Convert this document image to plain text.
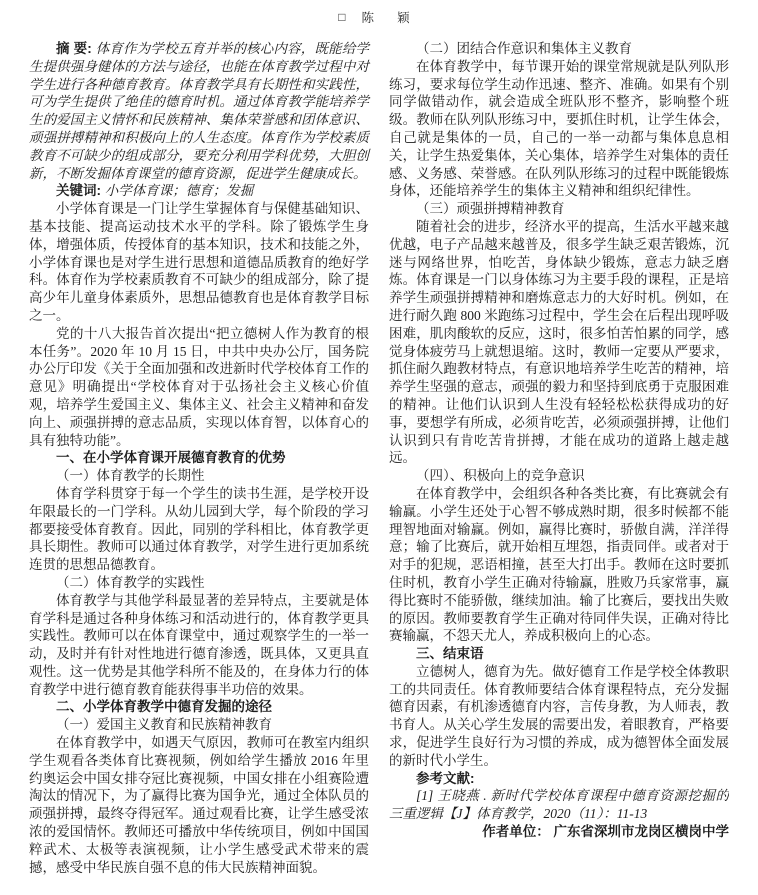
□ 陈 颖

摘 要: 体育作为学校五育并举的核心内容，既能给学生提供强身健体的方法与途径，也能在体育教学过程中对学生进行各种德育教育。体育教学具有长期性和实践性，可为学生提供了绝佳的德育时机。通过体育教学能培养学生的爱国主义情怀和民族精神、集体荣誉感和团体意识、顽强拼搏精神和积极向上的人生态度。体育作为学校素质教育不可缺少的组成部分，要充分利用学科优势，大胆创新，不断发掘体育课堂的德育资源，促进学生健康成长。

关键词: 小学体育课；德育；发掘

小学体育课是一门让学生掌握体育与保健基础知识、基本技能、提高运动技术水平的学科。除了锻炼学生身体，增强体质，传授体育的基本知识，技术和技能之外，小学体育课也是对学生进行思想和道德品质教育的绝好学科。体育作为学校素质教育不可缺少的组成部分，除了提高少年儿童身体素质外，思想品德教育也是体育教学目标之一。

党的十八大报告首次提出“把立德树人作为教育的根本任务”。2020 年 10 月 15 日，中共中央办公厅，国务院办公厅印发《关于全面加强和改进新时代学校体育工作的意见》明确提出“学校体育对于弘扬社会主义核心价值观，培养学生爱国主义、集体主义、社会主义精神和奋发向上、顽强拼搏的意志品质，实现以体育智，以体育心的具有独特功能”。

一、在小学体育课开展德育教育的优势

（一）体育教学的长期性

体育学科贯穿于每一个学生的读书生涯，是学校开设年限最长的一门学科。从幼儿园到大学，每个阶段的学习都要接受体育教育。因此，同别的学科相比，体育教学更具长期性。教师可以通过体育教学，对学生进行更加系统连贯的思想品德教育。

（二）体育教学的实践性

体育教学与其他学科最显著的差异特点，主要就是体育学科是通过各种身体练习和活动进行的，体育教学更具实践性。教师可以在体育课堂中，通过观察学生的一举一动，及时并有针对性地进行德育渗透，既具体，又更具直观性。这一优势是其他学科所不能及的，在身体力行的体育教学中进行德育教育能获得事半功倍的效果。

二、小学体育教学中德育发掘的途径

（一）爱国主义教育和民族精神教育

在体育教学中，如遇天气原因，教师可在教室内组织学生观看各类体育比赛视频，例如给学生播放 2016 年里约奥运会中国女排夺冠比赛视频，中国女排在小组赛险遭淘汰的情况下，为了赢得比赛为国争光，通过全体队员的顽强拼搏，最终夺得冠军。通过观看比赛，让学生感受浓浓的爱国情怀。教师还可播放中华传统项目，例如中国国粹武术、太极等表演视频，让小学生感受武术带来的震撼，感受中华民族自强不息的伟大民族精神面貌。

（二）团结合作意识和集体主义教育

在体育教学中，每节课开始的课堂常规就是队列队形练习，要求每位学生动作迅速、整齐、准确。如果有个别同学做错动作，就会造成全班队形不整齐，影响整个班级。教师在队列队形练习中，要抓住时机，让学生体会，自己就是集体的一员，自己的一举一动都与集体息息相关，让学生热爱集体，关心集体，培养学生对集体的责任感、义务感、荣誉感。在队列队形练习的过程中既能锻炼身体，还能培养学生的集体主义精神和组织纪律性。

（三）顽强拼搏精神教育

随着社会的进步，经济水平的提高，生活水平越来越优越，电子产品越来越普及，很多学生缺乏艰苦锻炼，沉迷与网络世界，怕吃苦，身体缺少锻炼，意志力缺乏磨炼。体育课是一门以身体练习为主要手段的课程，正是培养学生顽强拼搏精神和磨炼意志力的大好时机。例如，在进行耐久跑 800 米跑练习过程中，学生会在后程出现呼吸困难，肌肉酸软的反应，这时，很多怕苦怕累的同学，感觉身体疲劳马上就想退缩。这时，教师一定要从严要求，抓住耐久跑教材特点，有意识地培养学生吃苦的精神，培养学生坚强的意志，顽强的毅力和坚持到底勇于克服困难的精神。让他们认识到人生没有轻轻松松获得成功的好事，要想学有所成，必须肯吃苦，必须顽强拼搏，让他们认识到只有肯吃苦肯拼搏，才能在成功的道路上越走越远。

（四）、积极向上的竞争意识

在体育教学中，会组织各种各类比赛，有比赛就会有输赢。小学生还处于心智不够成熟时期，很多时候都不能理智地面对输赢。例如，赢得比赛时，骄傲自满，洋洋得意；输了比赛后，就开始相互埋怨，指责同伴。或者对于对手的犯规，恶语相撞，甚至大打出手。教师在这时要抓住时机，教育小学生正确对待输赢，胜败乃兵家常事，赢得比赛时不能骄傲，继续加油。输了比赛后，要找出失败的原因。教师要教育学生正确对待同伴失误，正确对待比赛输赢，不怨天尤人，养成积极向上的心态。

三、结束语

立德树人，德育为先。做好德育工作是学校全体教职工的共同责任。体育教师要结合体育课程特点，充分发掘德育因素，有机渗透德育内容，言传身教，为人师表，教书育人。从关心学生发展的需要出发，着眼教育，严格要求，促进学生良好行为习惯的养成，成为德智体全面发展的新时代小学生。

参考文献:

[1] 王晓燕 . 新时代学校体育课程中德育资源挖掘的三重逻辑【J】体育教学，2020（11）：11-13

作者单位： 广东省深圳市龙岗区横岗中学
